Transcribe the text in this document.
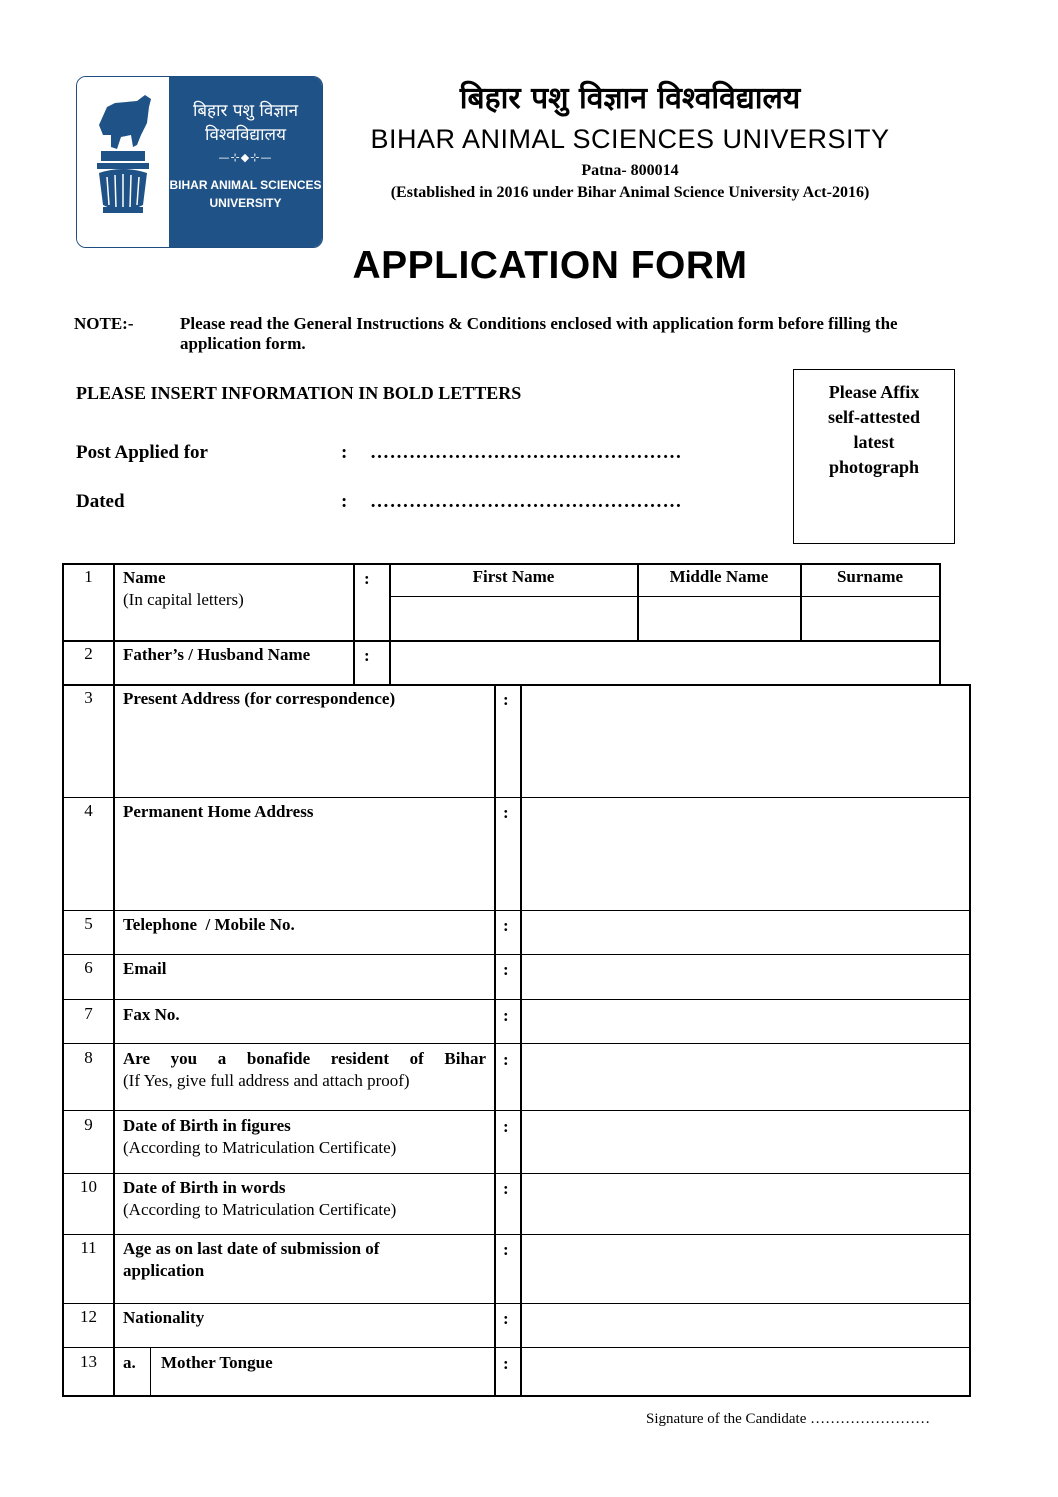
बिहार पशु विज्ञान
विश्वविद्यालय
—⊹◆⊹—
BIHAR ANIMAL SCIENCES
UNIVERSITY
बिहार पशु विज्ञान विश्वविद्यालय
BIHAR ANIMAL SCIENCES UNIVERSITY
Patna- 800014
(Established in 2016 under Bihar Animal Science University Act-2016)
APPLICATION FORM
NOTE:-	Please read the General Instructions & Conditions enclosed with application form before filling the application form.
PLEASE INSERT INFORMATION IN BOLD LETTERS
Post Applied for	: …………………………………………
Dated	: …………………………………………
Please Affix
self-attested
latest
photograph
1	Name
(In capital letters)
:	First Name	Middle Name	Surname
2	Father’s / Husband Name	:
3	Present Address (for correspondence)	:
4	Permanent Home Address	:
5	Telephone  / Mobile No.	:
6	Email	:
7	Fax No.	:
8	Are you a bonafide resident of Bihar
(If Yes, give full address and attach proof)
:
9	Date of Birth in figures
(According to Matriculation Certificate)
:
10	Date of Birth in words
(According to Matriculation Certificate)
:
11	Age as on last date of submission of application
:
12	Nationality	:
13	a.	Mother Tongue	:
Signature of the Candidate ……………………
